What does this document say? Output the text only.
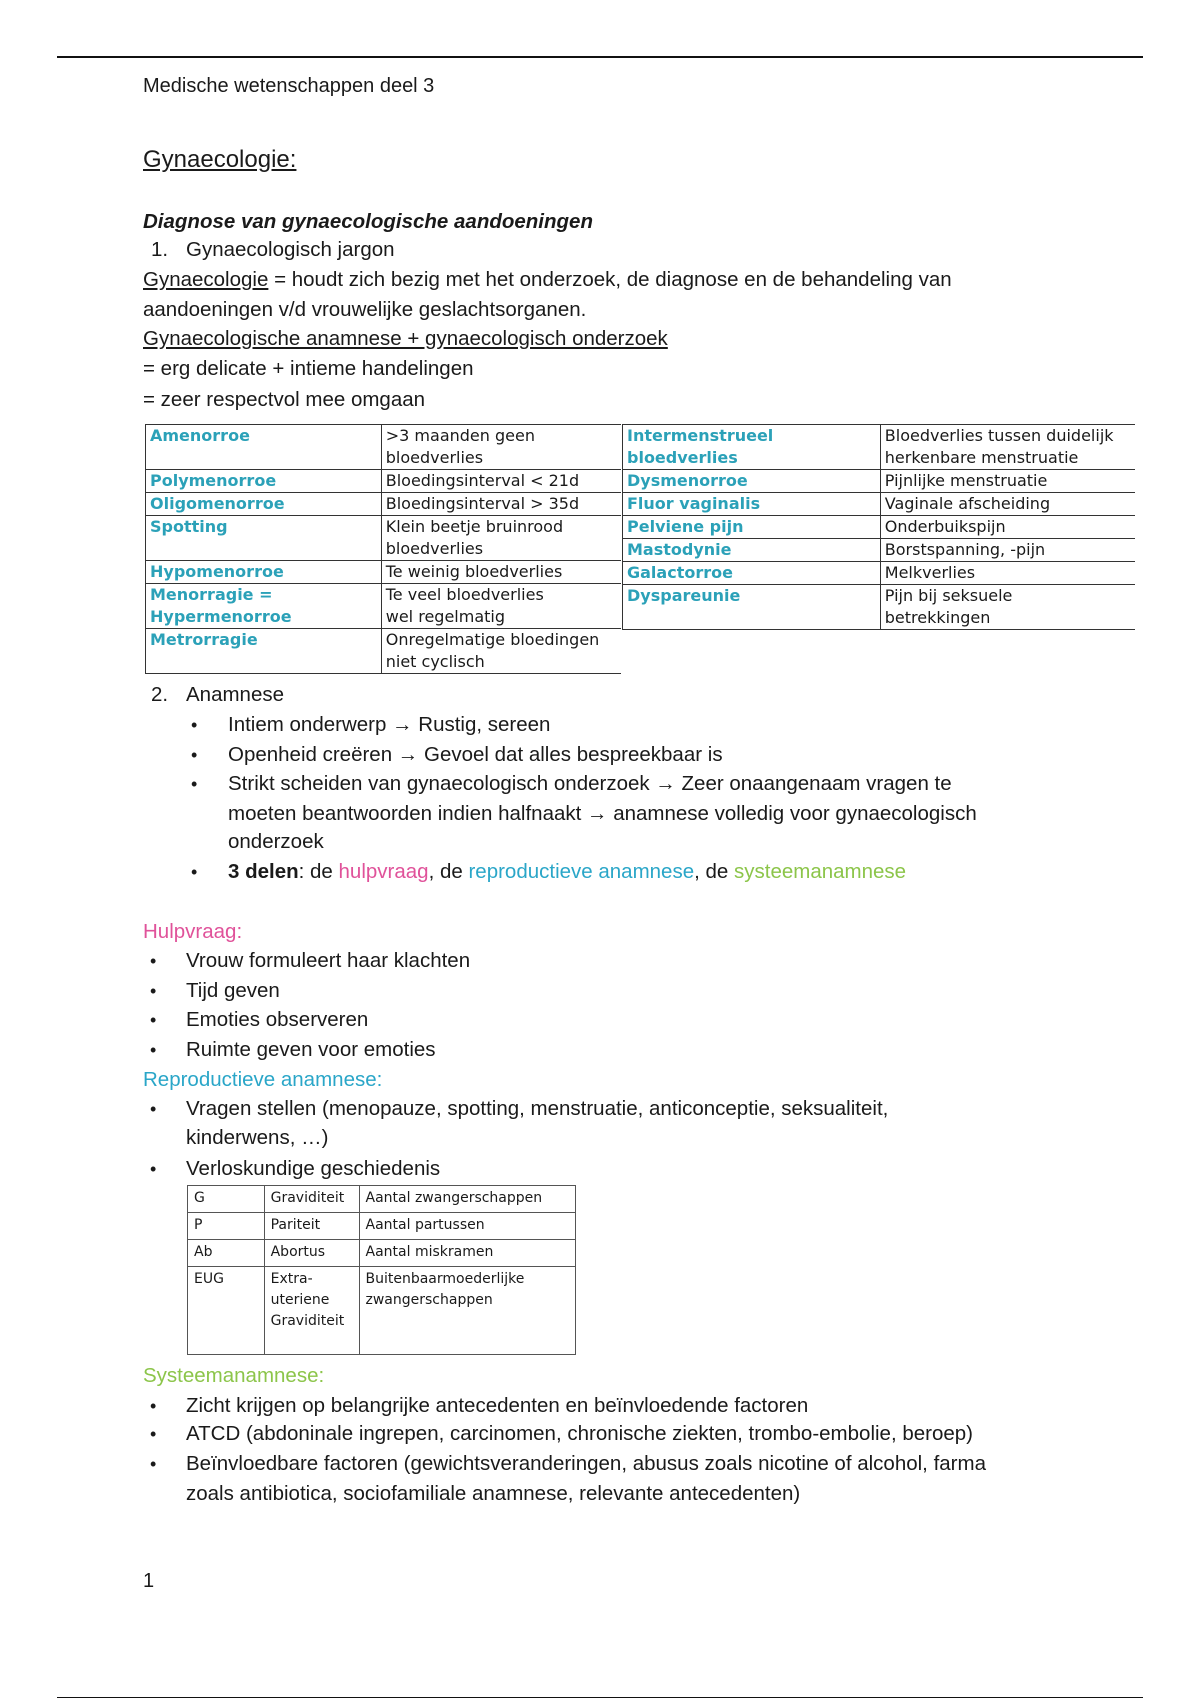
Medische wetenschappen deel 3
Gynaecologie:
Diagnose van gynaecologische aandoeningen
1. Gynaecologisch jargon
Gynaecologie = houdt zich bezig met het onderzoek, de diagnose en de behandeling van
aandoeningen v/d vrouwelijke geslachtsorganen.
Gynaecologische anamnese + gynaecologisch onderzoek
= erg delicate + intieme handelingen
= zeer respectvol mee omgaan
Amenorroe	>3 maanden geen
bloedverlies
Polymenorroe	Bloedingsinterval < 21d
Oligomenorroe	Bloedingsinterval > 35d
Spotting	Klein beetje bruinrood
bloedverlies
Hypomenorroe	Te weinig bloedverlies
Menorragie =
Hypermenorroe	Te veel bloedverlies
wel regelmatig
Metrorragie	Onregelmatige bloedingen
niet cyclisch
Intermenstrueel
bloedverlies	Bloedverlies tussen duidelijk
herkenbare menstruatie
Dysmenorroe	Pijnlijke menstruatie
Fluor vaginalis	Vaginale afscheiding
Pelviene pijn	Onderbuikspijn
Mastodynie	Borstspanning, -pijn
Galactorroe	Melkverlies
Dyspareunie	Pijn bij seksuele
betrekkingen
2. Anamnese
• Intiem onderwerp → Rustig, sereen
• Openheid creëren → Gevoel dat alles bespreekbaar is
• Strikt scheiden van gynaecologisch onderzoek → Zeer onaangenaam vragen te
moeten beantwoorden indien halfnaakt → anamnese volledig voor gynaecologisch
onderzoek
• 3 delen: de hulpvraag, de reproductieve anamnese, de systeemanamnese
Hulpvraag:
• Vrouw formuleert haar klachten
• Tijd geven
• Emoties observeren
• Ruimte geven voor emoties
Reproductieve anamnese:
• Vragen stellen (menopauze, spotting, menstruatie, anticonceptie, seksualiteit,
kinderwens, …)
• Verloskundige geschiedenis
G	Graviditeit	Aantal zwangerschappen
P	Pariteit	Aantal partussen
Ab	Abortus	Aantal miskramen
EUG	Extra-
uteriene
Graviditeit	Buitenbaarmoederlijke
zwangerschappen
Systeemanamnese:
• Zicht krijgen op belangrijke antecedenten en beïnvloedende factoren
• ATCD (abdoninale ingrepen, carcinomen, chronische ziekten, trombo-embolie, beroep)
• Beïnvloedbare factoren (gewichtsveranderingen, abusus zoals nicotine of alcohol, farma
zoals antibiotica, sociofamiliale anamnese, relevante antecedenten)
1
